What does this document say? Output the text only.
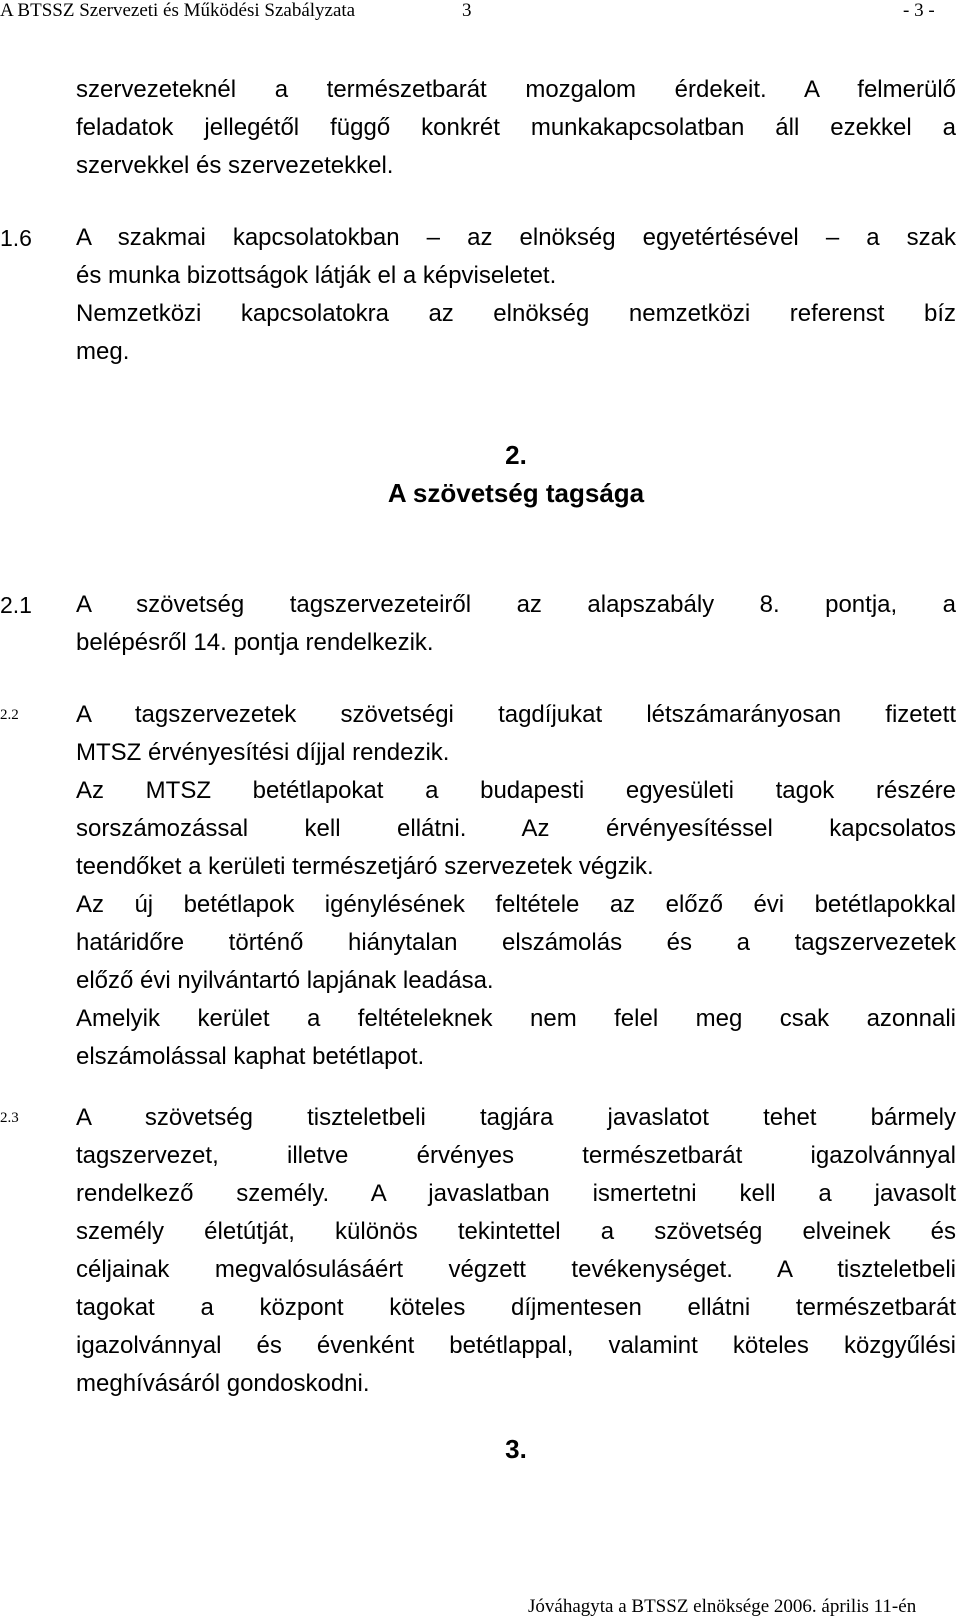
A BTSSZ Szervezeti és Működési Szabályzata	3	- 3 -
szervezeteknél a természetbarát mozgalom érdekeit. A felmerülő
feladatok jellegétől függő konkrét munkakapcsolatban áll ezekkel a
szervekkel és szervezetekkel.
1.6 A szakmai kapcsolatokban – az elnökség egyetértésével – a szak
és munka bizottságok látják el a képviseletet.
Nemzetközi kapcsolatokra az elnökség nemzetközi referenst bíz
meg.
2.
A szövetség tagsága
2.1 A szövetség tagszervezeteiről az alapszabály 8. pontja, a
belépésről 14. pontja rendelkezik.
2.2 A tagszervezetek szövetségi tagdíjukat létszámarányosan fizetett
MTSZ érvényesítési díjjal rendezik.
Az MTSZ betétlapokat a budapesti egyesületi tagok részére
sorszámozással kell ellátni. Az érvényesítéssel kapcsolatos
teendőket a kerületi természetjáró szervezetek végzik.
Az új betétlapok igénylésének feltétele az előző évi betétlapokkal
határidőre történő hiánytalan elszámolás és a tagszervezetek
előző évi nyilvántartó lapjának leadása.
Amelyik kerület a feltételeknek nem felel meg csak azonnali
elszámolással kaphat betétlapot.
2.3 A szövetség tiszteletbeli tagjára javaslatot tehet bármely
tagszervezet, illetve érvényes természetbarát igazolvánnyal
rendelkező személy. A javaslatban ismertetni kell a javasolt
személy életútját, különös tekintettel a szövetség elveinek és
céljainak megvalósulásáért végzett tevékenységet. A tiszteletbeli
tagokat a központ köteles díjmentesen ellátni természetbarát
igazolvánnyal és évenként betétlappal, valamint köteles közgyűlési
meghívásáról gondoskodni.
3.
Jóváhagyta a BTSSZ elnöksége 2006. április 11-én
